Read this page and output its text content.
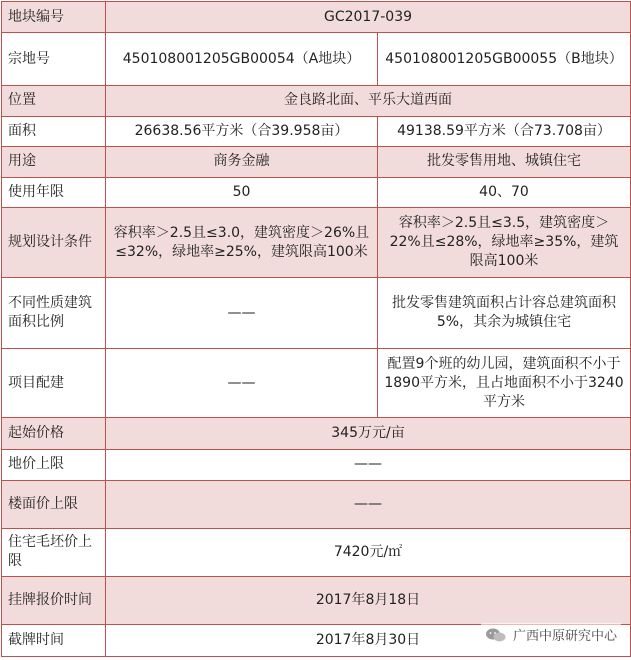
地块编号	GC2017-039	
宗地号	450108001205GB00054（A地块）	450108001205GB00055（B地块）
位置	金良路北面、平乐大道西面	
面积	26638.56平方米（合39.958亩）	49138.59平方米（合73.708亩）
用途	商务金融	批发零售用地、城镇住宅
使用年限	50	40、70
规划设计条件	容积率＞2.5且≤3.0，建筑密度＞26%且≤32%，绿地率≥25%，建筑限高100米	容积率＞2.5且≤3.5，建筑密度＞22%且≤28%，绿地率≥35%，建筑限高100米
不同性质建筑面积比例	——	批发零售建筑面积占计容总建筑面积5%，其余为城镇住宅
项目配建	——	配置9个班的幼儿园，建筑面积不小于1890平方米，且占地面积不小于3240平方米
起始价格	345万元/亩	
地价上限	——	
楼面价上限	——	
住宅毛坯价上限	7420元/㎡	
挂牌报价时间	2017年8月18日	
截牌时间	2017年8月30日		广西中原研究中心
